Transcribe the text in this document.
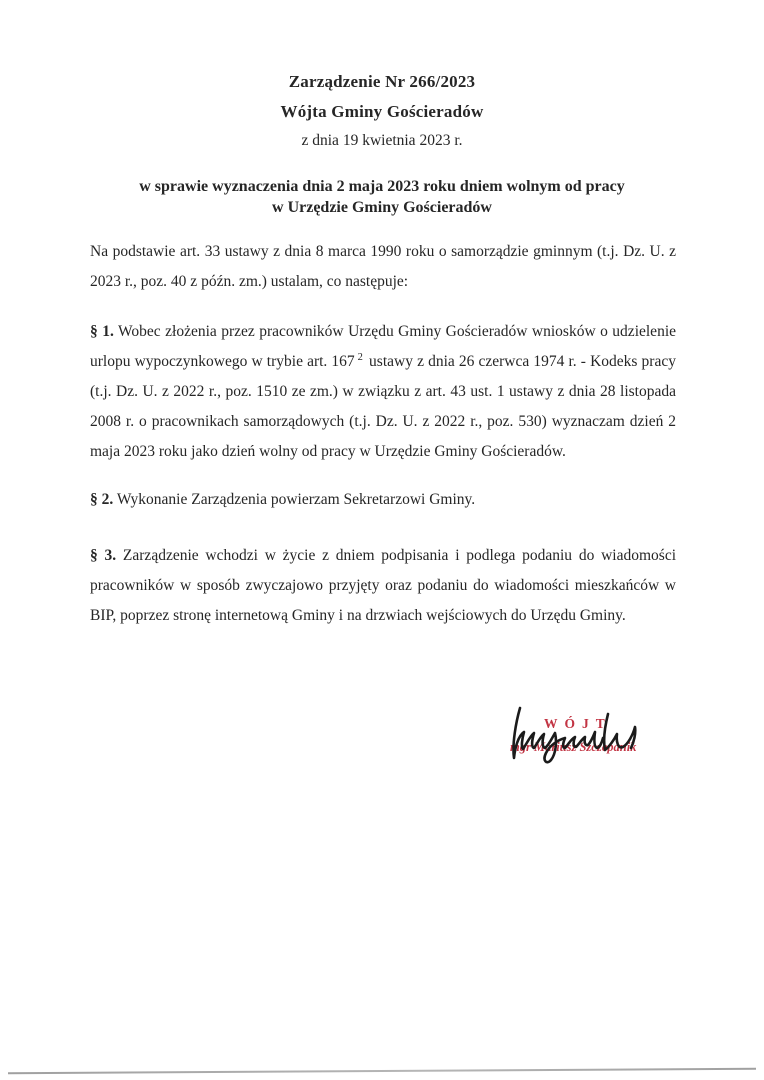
Zarządzenie Nr 266/2023

Wójta Gminy Gościeradów

z dnia 19 kwietnia 2023 r.

w sprawie wyznaczenia dnia 2 maja 2023 roku dniem wolnym od pracy

w Urzędzie Gminy Gościeradów

Na podstawie art. 33 ustawy z dnia 8 marca 1990 roku o samorządzie gminnym (t.j. Dz. U. z 2023 r., poz. 40 z późn. zm.) ustalam, co następuje:

§ 1. Wobec złożenia przez pracowników Urzędu Gminy Gościeradów wniosków o udzielenie urlopu wypoczynkowego w trybie art. 167 $^2$ ustawy z dnia 26 czerwca 1974 r. - Kodeks pracy (t.j. Dz. U. z 2022 r., poz. 1510 ze zm.) w związku z art. 43 ust. 1 ustawy z dnia 28 listopada 2008 r. o pracownikach samorządowych (t.j. Dz. U. z 2022 r., poz. 530) wyznaczam dzień 2 maja 2023 roku jako dzień wolny od pracy w Urzędzie Gminy Gościeradów.

§ 2. Wykonanie Zarządzenia powierzam Sekretarzowi Gminy.

§ 3. Zarządzenie wchodzi w życie z dniem podpisania i podlega podaniu do wiadomości pracowników w sposób zwyczajowo przyjęty oraz podaniu do wiadomości mieszkańców w BIP, poprzez stronę internetową Gminy i na drzwiach wejściowych do Urzędu Gminy.

WÓJT
mgr Mariusz Szczepanik
